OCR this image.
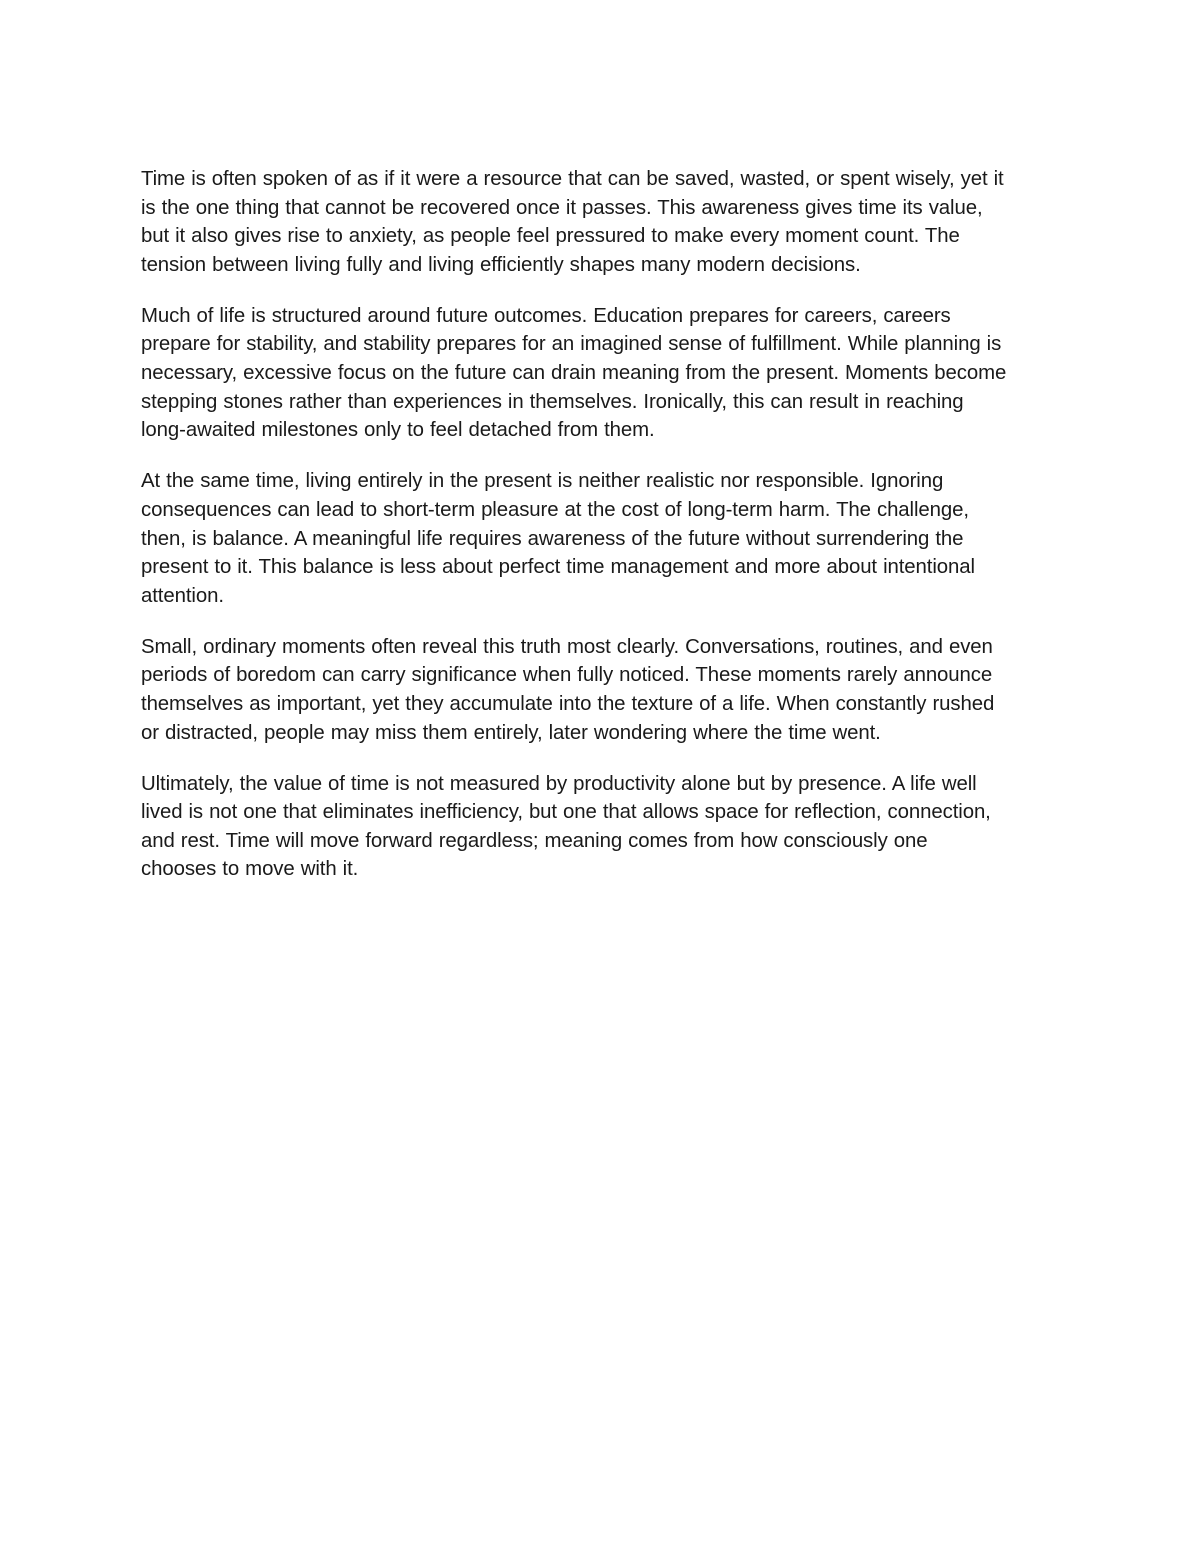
Time is often spoken of as if it were a resource that can be saved, wasted, or spent wisely, yet it
is the one thing that cannot be recovered once it passes. This awareness gives time its value,
but it also gives rise to anxiety, as people feel pressured to make every moment count. The
tension between living fully and living efficiently shapes many modern decisions.

Much of life is structured around future outcomes. Education prepares for careers, careers
prepare for stability, and stability prepares for an imagined sense of fulfillment. While planning is
necessary, excessive focus on the future can drain meaning from the present. Moments become
stepping stones rather than experiences in themselves. Ironically, this can result in reaching
long-awaited milestones only to feel detached from them.

At the same time, living entirely in the present is neither realistic nor responsible. Ignoring
consequences can lead to short-term pleasure at the cost of long-term harm. The challenge,
then, is balance. A meaningful life requires awareness of the future without surrendering the
present to it. This balance is less about perfect time management and more about intentional
attention.

Small, ordinary moments often reveal this truth most clearly. Conversations, routines, and even
periods of boredom can carry significance when fully noticed. These moments rarely announce
themselves as important, yet they accumulate into the texture of a life. When constantly rushed
or distracted, people may miss them entirely, later wondering where the time went.

Ultimately, the value of time is not measured by productivity alone but by presence. A life well
lived is not one that eliminates inefficiency, but one that allows space for reflection, connection,
and rest. Time will move forward regardless; meaning comes from how consciously one
chooses to move with it.
